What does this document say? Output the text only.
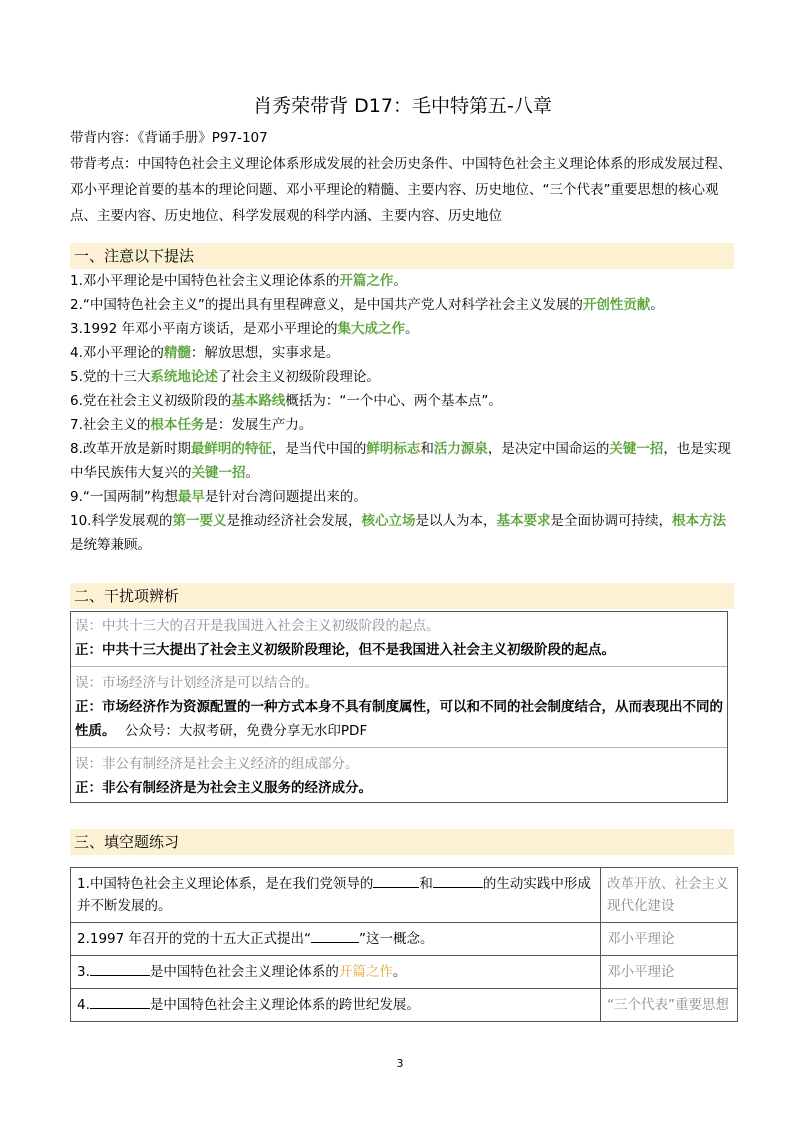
肖秀荣带背 D17：毛中特第五-八章

带背内容：《背诵手册》P97-107

带背考点：中国特色社会主义理论体系形成发展的社会历史条件、中国特色社会主义理论体系的形成发展过程、邓小平理论首要的基本的理论问题、邓小平理论的精髓、主要内容、历史地位、“三个代表”重要思想的核心观点、主要内容、历史地位、科学发展观的科学内涵、主要内容、历史地位

一、注意以下提法

1.邓小平理论是中国特色社会主义理论体系的开篇之作。

2.“中国特色社会主义”的提出具有里程碑意义，是中国共产党人对科学社会主义发展的开创性贡献。

3.1992 年邓小平南方谈话，是邓小平理论的集大成之作。

4.邓小平理论的精髓：解放思想，实事求是。

5.党的十三大系统地论述了社会主义初级阶段理论。

6.党在社会主义初级阶段的基本路线概括为：“一个中心、两个基本点”。

7.社会主义的根本任务是：发展生产力。

8.改革开放是新时期最鲜明的特征，是当代中国的鲜明标志和活力源泉，是决定中国命运的关键一招，也是实现中华民族伟大复兴的关键一招。

9.“一国两制”构想最早是针对台湾问题提出来的。

10.科学发展观的第一要义是推动经济社会发展，核心立场是以人为本，基本要求是全面协调可持续，根本方法是统筹兼顾。

二、干扰项辨析

误：中共十三大的召开是我国进入社会主义初级阶段的起点。

正：中共十三大提出了社会主义初级阶段理论，但不是我国进入社会主义初级阶段的起点。

误：市场经济与计划经济是可以结合的。

正：市场经济作为资源配置的一种方式本身不具有制度属性，可以和不同的社会制度结合，从而表现出不同的性质。 公众号：大叔考研，免费分享无水印PDF

误：非公有制经济是社会主义经济的组成部分。

正：非公有制经济是为社会主义服务的经济成分。

三、填空题练习
1.中国特色社会主义理论体系，是在我们党领导的 和 的生动实践中形成并不断发展的。	改革开放、社会主义现代化建设
2.1997 年召开的党的十五大正式提出“ ”这一概念。	邓小平理论
3. 是中国特色社会主义理论体系的开篇之作。	邓小平理论
4. 是中国特色社会主义理论体系的跨世纪发展。	“三个代表”重要思想
3
